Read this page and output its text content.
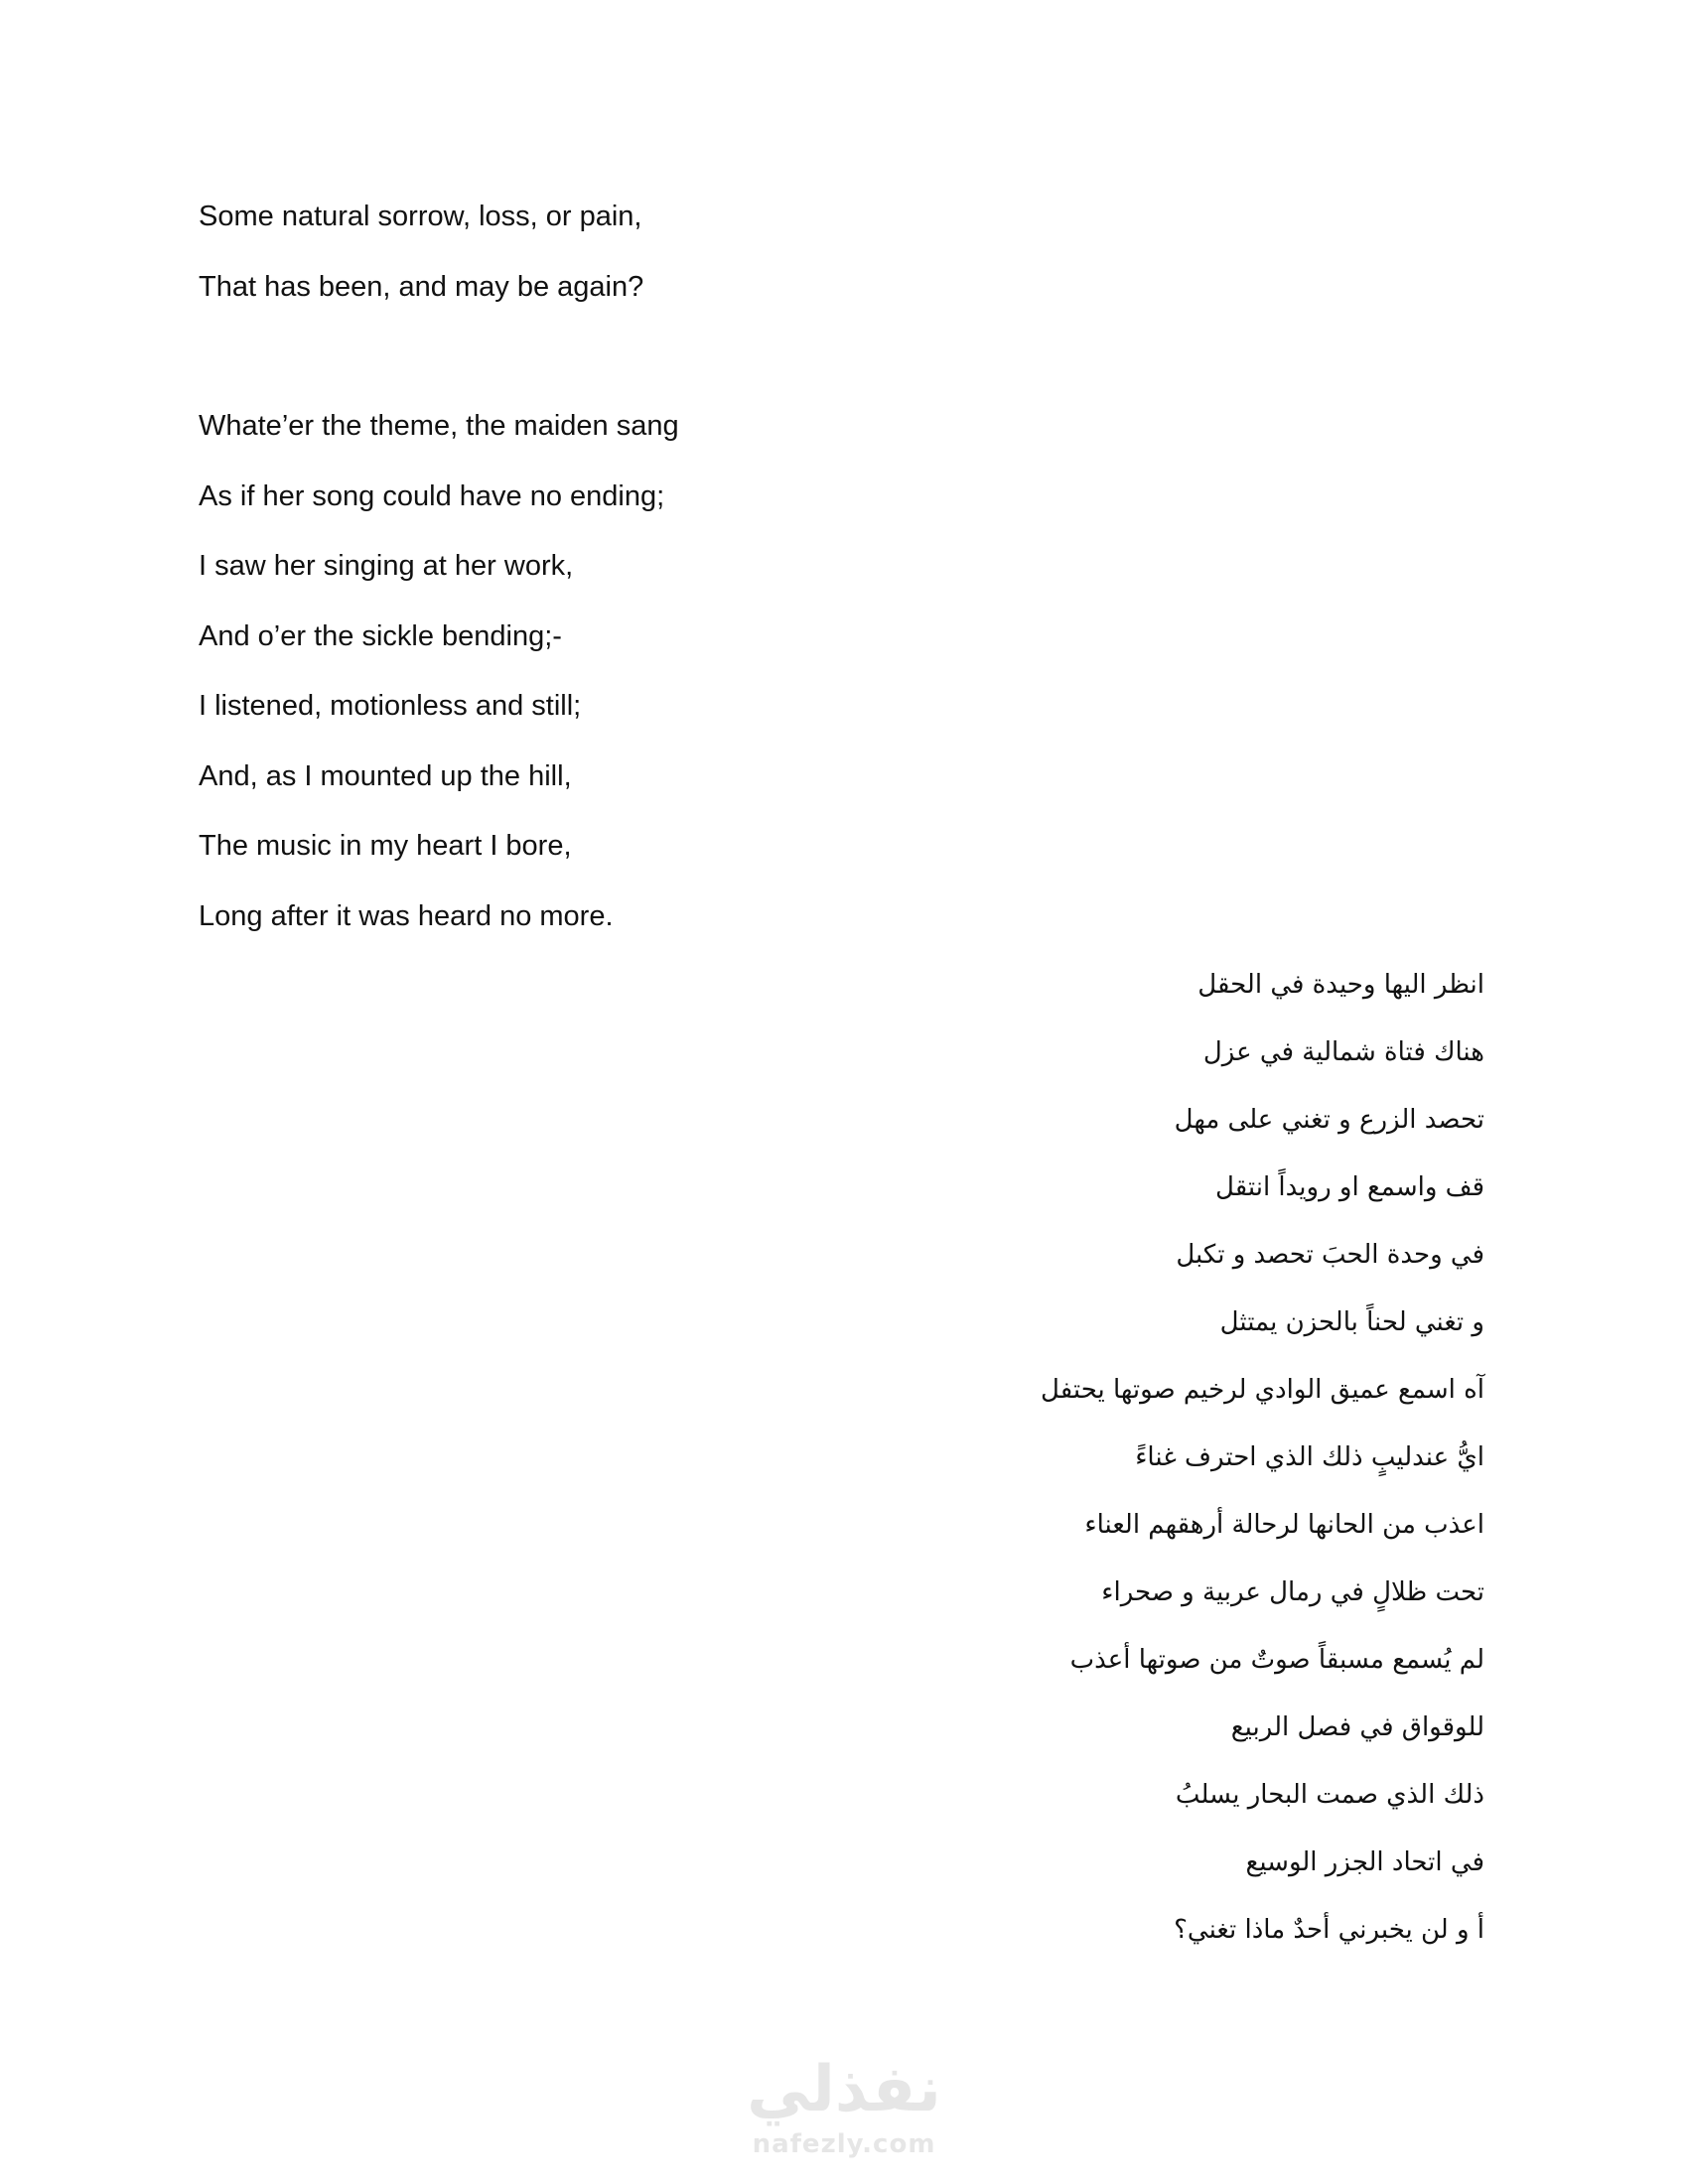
Some natural sorrow, loss, or pain,
That has been, and may be again?
Whate’er the theme, the maiden sang
As if her song could have no ending;
I saw her singing at her work,
And o’er the sickle bending;-
I listened, motionless and still;
And, as I mounted up the hill,
The music in my heart I bore,
Long after it was heard no more.
انظر اليها وحيدة في الحقل
هناك فتاة شمالية في عزل
تحصد الزرع و تغني على مهل
قف واسمع او رويداً انتقل
في وحدة الحبَ تحصد و تكبل
و تغني لحناً بالحزن يمتثل
آه اسمع عميق الوادي لرخيم صوتها يحتفل
ايُّ عندليبٍ ذلك الذي احترف غناءً
اعذب من الحانها لرحالة أرهقهم العناء
تحت ظلالٍ في رمال عربية و صحراء
لم يُسمع مسبقاً صوتٌ من صوتها أعذب
للوقواق في فصل الربيع
ذلك الذي صمت البحار يسلبُ
في اتحاد الجزر الوسيع
أ و لن يخبرني أحدٌ ماذا تغني؟
نفذلي
nafezly.com
